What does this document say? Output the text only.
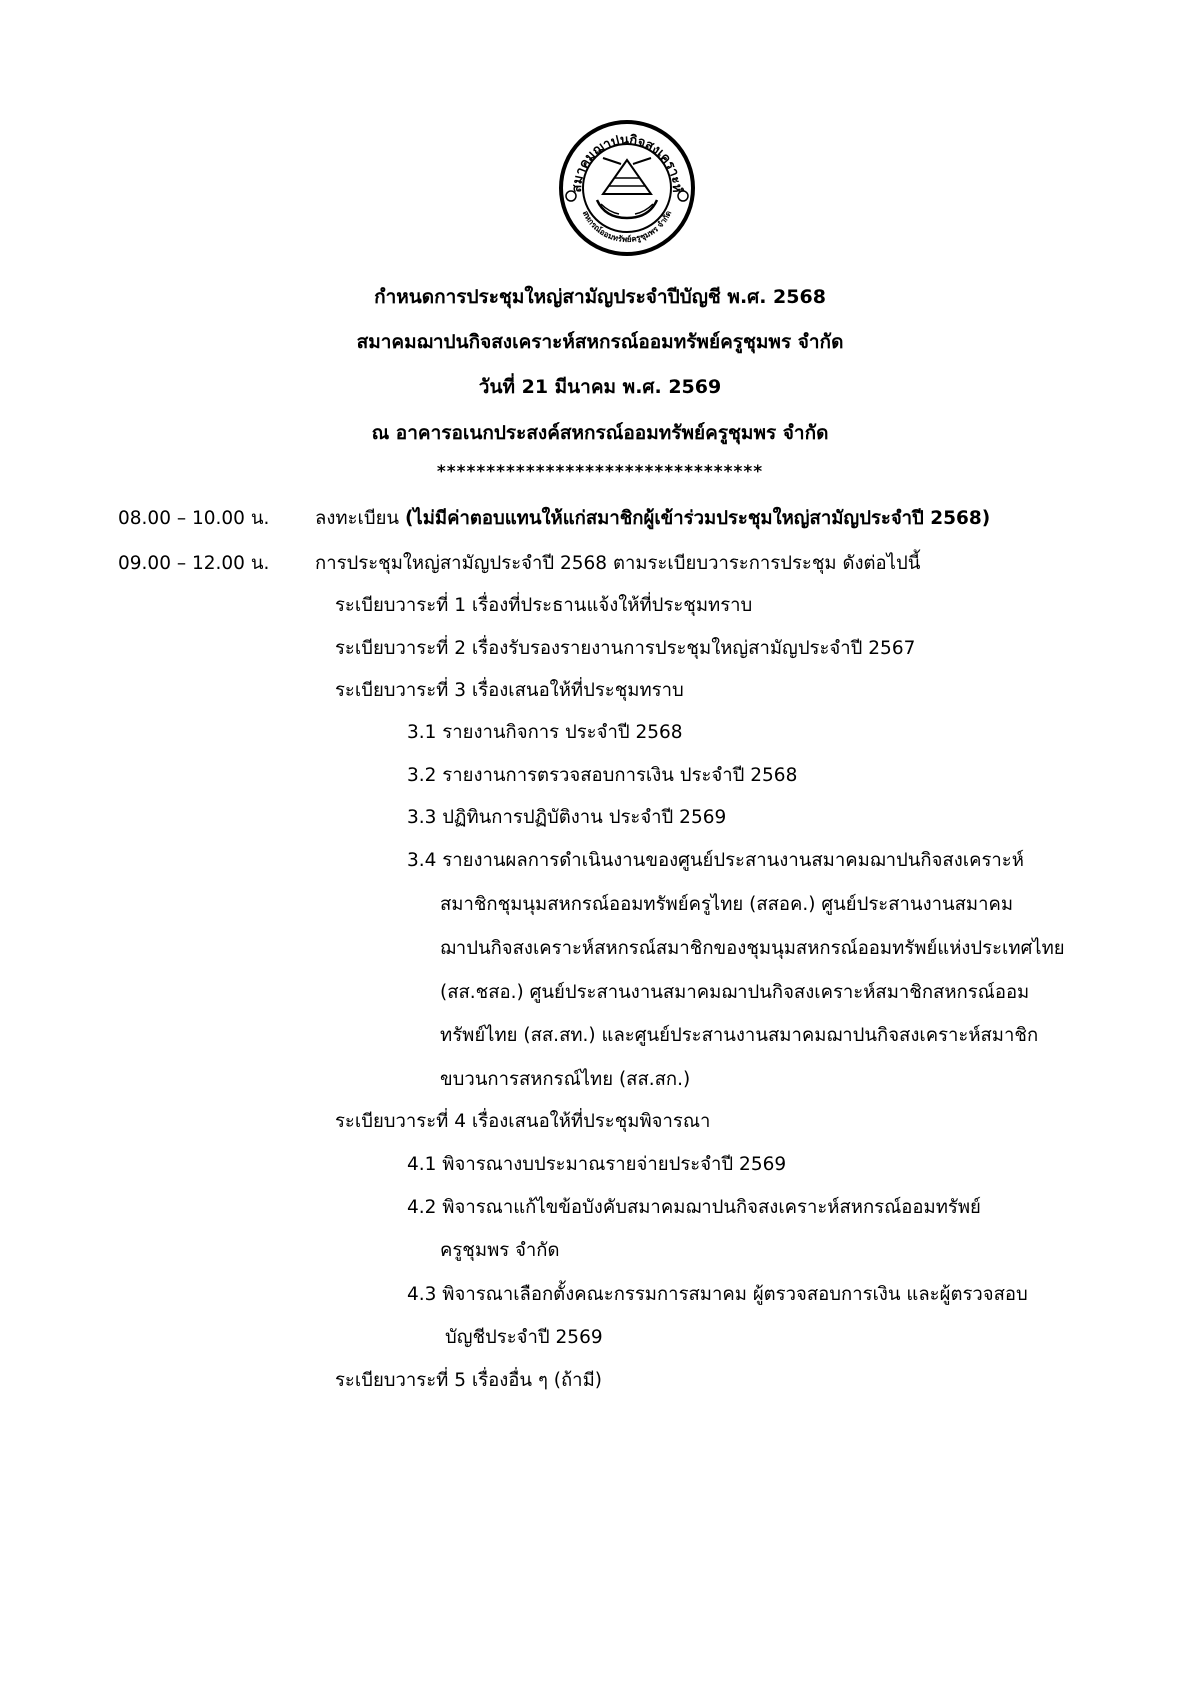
สมาคมฌาปนกิจสงเคราะห์
สหกรณ์ออมทรัพย์ครูชุมพร จำกัด
กำหนดการประชุมใหญ่สามัญประจำปีบัญชี พ.ศ. 2568
สมาคมฌาปนกิจสงเคราะห์สหกรณ์ออมทรัพย์ครูชุมพร จำกัด
วันที่ 21 มีนาคม พ.ศ. 2569
ณ อาคารอเนกประสงค์สหกรณ์ออมทรัพย์ครูชุมพร จำกัด
*********************************
08.00 – 10.00 น. ลงทะเบียน (ไม่มีค่าตอบแทนให้แก่สมาชิกผู้เข้าร่วมประชุมใหญ่สามัญประจำปี 2568)
09.00 – 12.00 น. การประชุมใหญ่สามัญประจำปี 2568 ตามระเบียบวาระการประชุม ดังต่อไปนี้
ระเบียบวาระที่ 1 เรื่องที่ประธานแจ้งให้ที่ประชุมทราบ
ระเบียบวาระที่ 2 เรื่องรับรองรายงานการประชุมใหญ่สามัญประจำปี 2567
ระเบียบวาระที่ 3 เรื่องเสนอให้ที่ประชุมทราบ
3.1 รายงานกิจการ ประจำปี 2568
3.2 รายงานการตรวจสอบการเงิน ประจำปี 2568
3.3 ปฏิทินการปฏิบัติงาน ประจำปี 2569
3.4 รายงานผลการดำเนินงานของศูนย์ประสานงานสมาคมฌาปนกิจสงเคราะห์
สมาชิกชุมนุมสหกรณ์ออมทรัพย์ครูไทย (สสอค.) ศูนย์ประสานงานสมาคม
ฌาปนกิจสงเคราะห์สหกรณ์สมาชิกของชุมนุมสหกรณ์ออมทรัพย์แห่งประเทศไทย
(สส.ชสอ.) ศูนย์ประสานงานสมาคมฌาปนกิจสงเคราะห์สมาชิกสหกรณ์ออม
ทรัพย์ไทย (สส.สท.) และศูนย์ประสานงานสมาคมฌาปนกิจสงเคราะห์สมาชิก
ขบวนการสหกรณ์ไทย (สส.สก.)
ระเบียบวาระที่ 4 เรื่องเสนอให้ที่ประชุมพิจารณา
4.1 พิจารณางบประมาณรายจ่ายประจำปี 2569
4.2 พิจารณาแก้ไขข้อบังคับสมาคมฌาปนกิจสงเคราะห์สหกรณ์ออมทรัพย์
ครูชุมพร จำกัด
4.3 พิจารณาเลือกตั้งคณะกรรมการสมาคม ผู้ตรวจสอบการเงิน และผู้ตรวจสอบ
บัญชีประจำปี 2569
ระเบียบวาระที่ 5 เรื่องอื่น ๆ (ถ้ามี)
